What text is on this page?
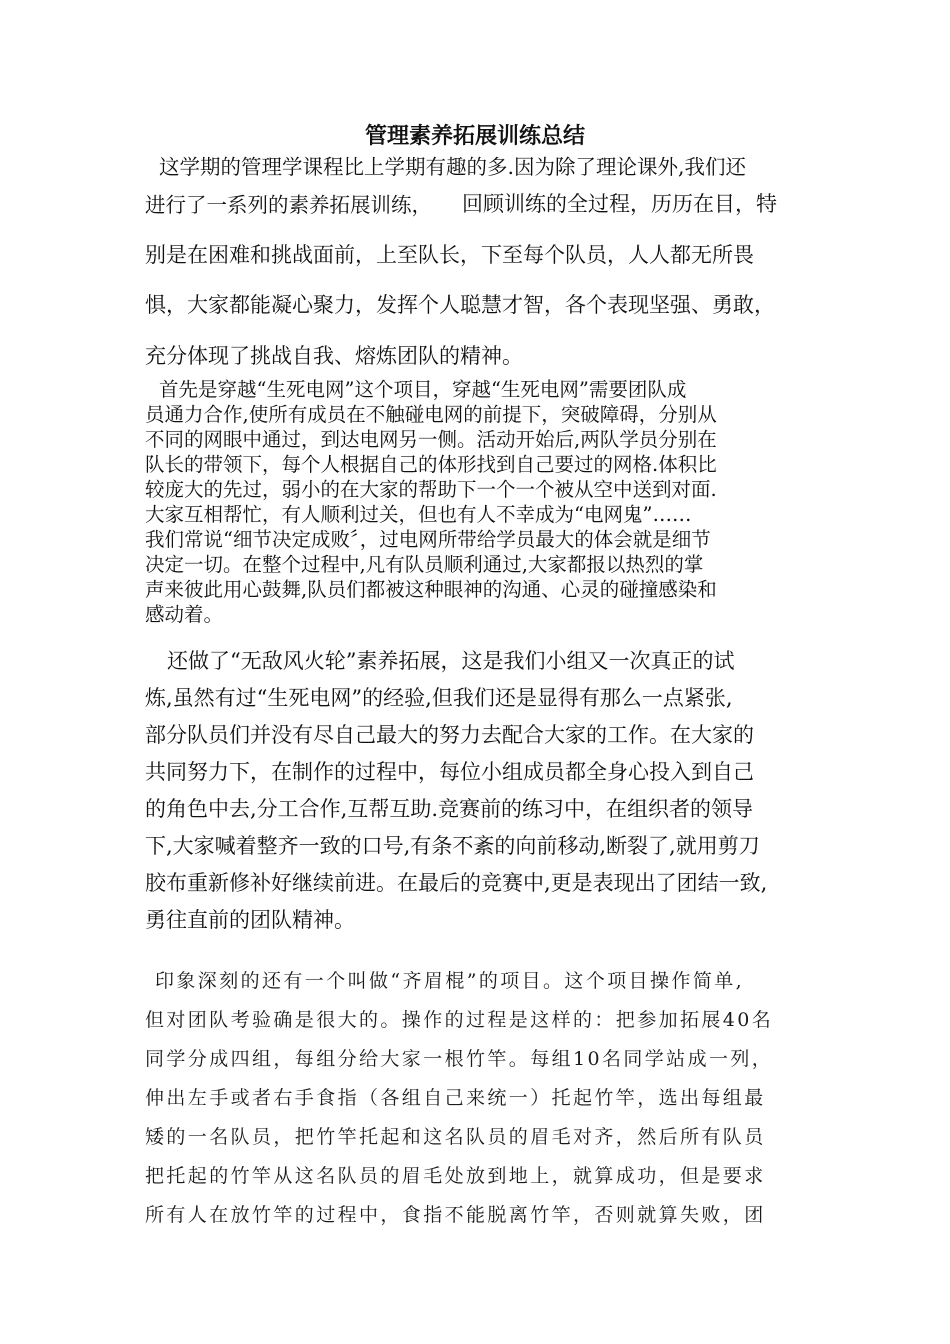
管理素养拓展训练总结
这学期的管理学课程比上学期有趣的多.因为除了理论课外,我们还
进行了一系列的素养拓展训练， 回顾训练的全过程，历历在目，特
别是在困难和挑战面前，上至队长，下至每个队员，人人都无所畏
惧，大家都能凝心聚力，发挥个人聪慧才智，各个表现坚强、勇敢，
充分体现了挑战自我、熔炼团队的精神。
首先是穿越“生死电网”这个项目，穿越“生死电网”需要团队成
员通力合作,使所有成员在不触碰电网的前提下，突破障碍，分别从
不同的网眼中通过，到达电网另一侧。活动开始后,两队学员分别在
队长的带领下，每个人根据自己的体形找到自己要过的网格.体积比
较庞大的先过，弱小的在大家的帮助下一个一个被从空中送到对面.
大家互相帮忙，有人顺利过关，但也有人不幸成为“电网鬼”……
我们常说“细节决定成败〞，过电网所带给学员最大的体会就是细节
决定一切。在整个过程中,凡有队员顺利通过,大家都报以热烈的掌
声来彼此用心鼓舞,队员们都被这种眼神的沟通、心灵的碰撞感染和
感动着。
还做了“无敌风火轮”素养拓展，这是我们小组又一次真正的试
炼,虽然有过“生死电网”的经验,但我们还是显得有那么一点紧张,
部分队员们并没有尽自己最大的努力去配合大家的工作。在大家的
共同努力下，在制作的过程中，每位小组成员都全身心投入到自己
的角色中去,分工合作,互帮互助.竞赛前的练习中，在组织者的领导
下,大家喊着整齐一致的口号,有条不紊的向前移动,断裂了,就用剪刀
胶布重新修补好继续前进。在最后的竞赛中,更是表现出了团结一致,
勇往直前的团队精神。
印象深刻的还有一个叫做“齐眉棍”的项目。这个项目操作简单,
但对团队考验确是很大的。操作的过程是这样的：把参加拓展40名
同学分成四组，每组分给大家一根竹竿。每组10名同学站成一列，
伸出左手或者右手食指（各组自己来统一）托起竹竿，选出每组最
矮的一名队员，把竹竿托起和这名队员的眉毛对齐，然后所有队员
把托起的竹竿从这名队员的眉毛处放到地上，就算成功，但是要求
所有人在放竹竿的过程中，食指不能脱离竹竿，否则就算失败，团
